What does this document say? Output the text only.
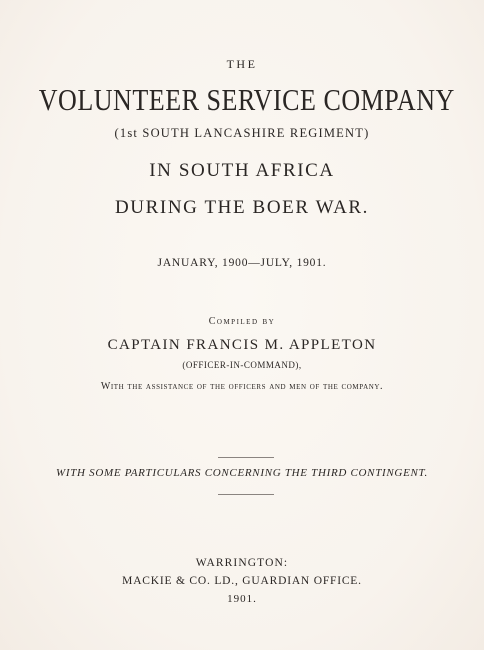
THE
VOLUNTEER SERVICE COMPANY
(1st SOUTH LANCASHIRE REGIMENT)
IN SOUTH AFRICA
DURING THE BOER WAR.
JANUARY, 1900—JULY, 1901.
Compiled by
CAPTAIN FRANCIS M. APPLETON
(OFFICER-IN-COMMAND),
With the assistance of the officers and men of the company.
WITH SOME PARTICULARS CONCERNING THE THIRD CONTINGENT.
WARRINGTON:
MACKIE & CO. LD., GUARDIAN OFFICE.
1901.
